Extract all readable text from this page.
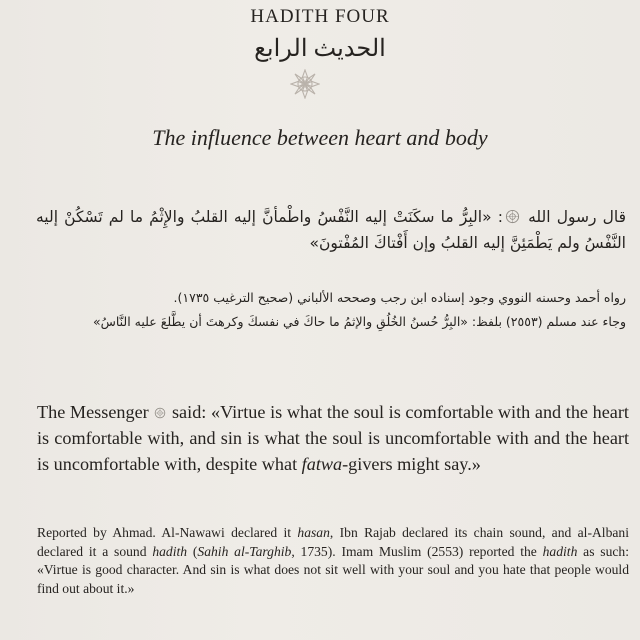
HADITH FOUR
الحديث الرابع
The influence between heart and body
قال رسول الله : «البِرُّ ما سكَنَتْ إليه النَّفْسُ واطْمأنَّ إليه القلبُ والإِثْمُ ما لم تَسْكُنْ إليه النَّفْسُ ولم يَطْمَئِنَّ إليه القلبُ وإن أَفْتاكَ المُفْتونَ»
رواه أحمد وحسنه النووي وجود إسناده ابن رجب وصححه الألباني (صحيح الترغيب ١٧٣٥).
وجاء عند مسلم (٢٥٥٣) بلفظ: «البِرُّ حُسنُ الخُلُقِ والإثمُ ما حاكَ في نفسكَ وكرهتَ أن يطَّلعَ عليه النَّاسُ»
The Messenger said: «Virtue is what the soul is comfortable with and the heart is comfortable with, and sin is what the soul is uncomfortable with and the heart is uncomfortable with, despite what fatwa-givers might say.»
Reported by Ahmad. Al-Nawawi declared it hasan, Ibn Rajab declared its chain sound, and al-Albani declared it a sound hadith (Sahih al-Targhib, 1735). Imam Muslim (2553) reported the hadith as such: «Virtue is good character. And sin is what does not sit well with your soul and you hate that people would find out about it.»
